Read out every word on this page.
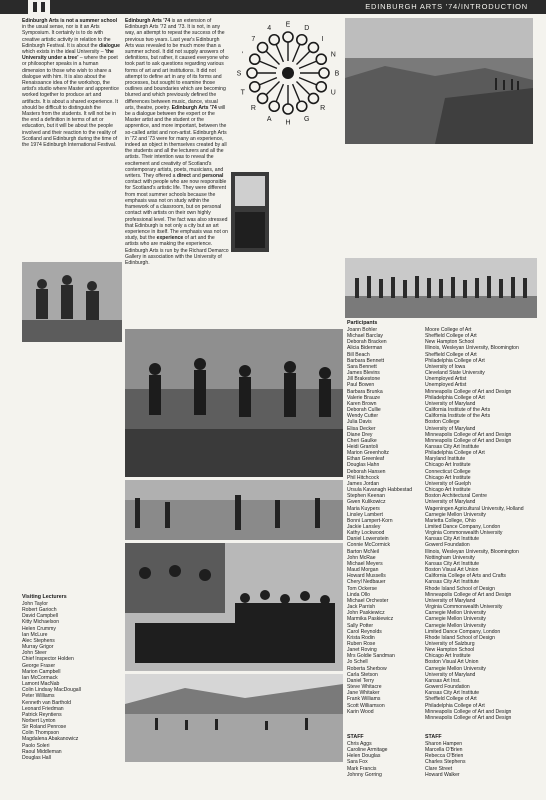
EDINBURGH ARTS '74/INTRODUCTION
Edinburgh Arts is not a summer school in the usual sense, nor is it an Arts Symposium. It certainly is to do with creative artistic activity in relation to the Edinburgh Festival. It is about the dialogue which exists in the ideal University – 'the University under a tree' – where the poet or philosopher speaks in a human dimension to those who wish to share a dialogue with him. It is also about the Renaissance idea of the workshop, the artist's studio where Master and apprentice worked together to produce art and artifacts. It is about a shared experience. It should be difficult to distinguish the Masters from the students. It will not be in the end a definition in terms of art or education, but it will be about the people involved and their reaction to the reality of Scotland and Edinburgh during the time of the 1974 Edinburgh International Festival.
Edinburgh Arts '74 is an extension of Edinburgh Arts '72 and '73. It is not, in any way, an attempt to repeat the success of the previous two years. Last year's Edinburgh Arts was revealed to be much more than a summer school. It did not supply answers of definitions, but rather, it caused everyone who took part to ask questions regarding various forms of art and art institutions. It did not attempt to define art in any of its forms and processes, but sought to examine those outlines and boundaries which are becoming blurred and which previously defined the differences between music, dance, visual arts, theatre, poetry. Edinburgh Arts '74 will be a dialogue between the expert or the Master artist and the student or the apprentice, and more important, between the so-called artist and non-artist. Edinburgh Arts in '72 and '73 were for many an experience, indeed an object in themselves created by all the students and all the lecturers and all the artists. Their intention was to reveal the excitement and creativity of Scotland's contemporary artists, poets, musicians, and writers. They offered a direct and personal contact with people who are now responsible for Scotland's artistic life. They were different from most summer schools because the emphasis was not on study within the framework of a classroom, but on personal contact with artists on their own highly professional level. The fact was also stressed that Edinburgh is not only a city but an art experience in itself. The emphasis was not on study, but the experience of art and the artists who are making the experience. Edinburgh Arts is run by the Richard Demarco Gallery in association with the University of Edinburgh.
E
D
I
N
B
U
R
G
H
A
R
T
S
'
7
4
Visiting Lecturers
John Taylor
Robert Garioch
David Campbell
Kitty Michaelson
Helen Crummy
Ian McLure
Alec Stephens
Murray Grigor
John Steer
Chief Inspector Holden
George Fraser
Marion Campbell
Ian McCormack
Lamont MacNab
Colin Lindsay MacDougall
Peter Williams
Kenneth van Barthold
Leonard Friedman
Patrick Reyntiens
Norbert Lynton
Sir Roland Penrose
Colin Thompson
Magdalena Abakanowicz
Paolo Soleri
Raoul Middleman
Douglas Hall
Participants
Joann Bohler
Michael Barclay
Deborah Bracken
Alicia Biderman
Bill Beach
Barbara Bennett
Sara Bennett
James Blevins
Jill Brakestone
Paul Bowen
Barbara Brunka
Valerie Brauze
Karen Brown
Deborah Cullie
Wendy Cutter
Julia Davis
Elisa Decker
Diane Drey
Cheri Gaulke
Heidi Grantoli
Marion Greenholtz
Ethan Greenleaf
Douglas Hahn
Deborah Hansen
Phil Hitchcock
James Jordan
Ursula Kavanagh Habbestad
Stephen Keenan
Gwen Kulikowicz
Maria Kuypers
Linsley Lambert
Bonni Lampert-Korn
Jackie Lansley
Kathy Lockwood
Daniel Lowenstein
Connie McCormick
Barton McNeil
John McRae
Michael Meyers
Maud Morgan
Howard Mussells
Cheryl Nedbauer
Tom Ockerse
Linda Ollo
Michael Orchester
Jack Parrish
John Paskiewicz
Marmika Paskiewicz
Sally Potter
Carol Reynolds
Krista Rodin
Ruben Rose
Janet Roving
Mrs Goldie Sandman
Jo Schell
Roberta Sherbow
Carla Stetson
Daniel Terry
Steve Whitacre
Jane Whitaker
Frank Williams
Scott Williamson
Karin Wood
Moore College of Art
Sheffield College of Art
New Hampton School
Illinois, Wesleyan University, Bloomington
Sheffield College of Art
Philadelphia College of Art
University of Iowa
Cleveland State University
Unemployed Artist
Unemployed Artist
Minneapolis College of Art and Design
Philadelphia College of Art
University of Maryland
California Institute of the Arts
California Institute of the Arts
Boston College
University of Maryland
Minneapolis College of Art and Design
Minneapolis College of Art and Design
Kansas City Art Institute
Philadelphia College of Art
Maryland Institute
Chicago Art Institute
Connecticut College
Chicago Art Institute
University of Guelph
Chicago Art Institute
Boston Architectural Centre
University of Maryland
Wageningen Agricultural University, Holland
Carnegie Mellon University
Marietta College, Ohio
Limited Dance Company, London
Virginia Commonwealth University
Kansas City Art Institute
Gowerd Foundation
Illinois, Wesleyan University, Bloomington
Nottingham University
Kansas City Art Institute
Boston Visual Art Union
California College of Arts and Crafts
Kansas City Art Institute
Rhode Island School of Design
Minneapolis College of Art and Design
University of Maryland
Virginia Commonwealth University
Carnegie Mellon University
Carnegie Mellon University
Carnegie Mellon University
Limited Dance Company, London
Rhode Island School of Design
University of Salzburg
New Hampton School
Chicago Art Institute
Boston Visual Art Union
Carnegie Mellon University
University of Maryland
Kansas Art Inst.
Gowerd Foundation
Kansas City Art Institute
Sheffield College of Art
Philadelphia College of Art
Minneapolis College of Art and Design
Minneapolis College of Art and Design
STAFF
Chris Aggs
Caroline Armitage
Helen Douglas
Sara Fox
Mark Francis
Johnny Gorring
STAFF
Sharon Hampen
Marcella O'Brien
Rebecca O'Brien
Charles Stephens
Clare Street
Howard Walker
